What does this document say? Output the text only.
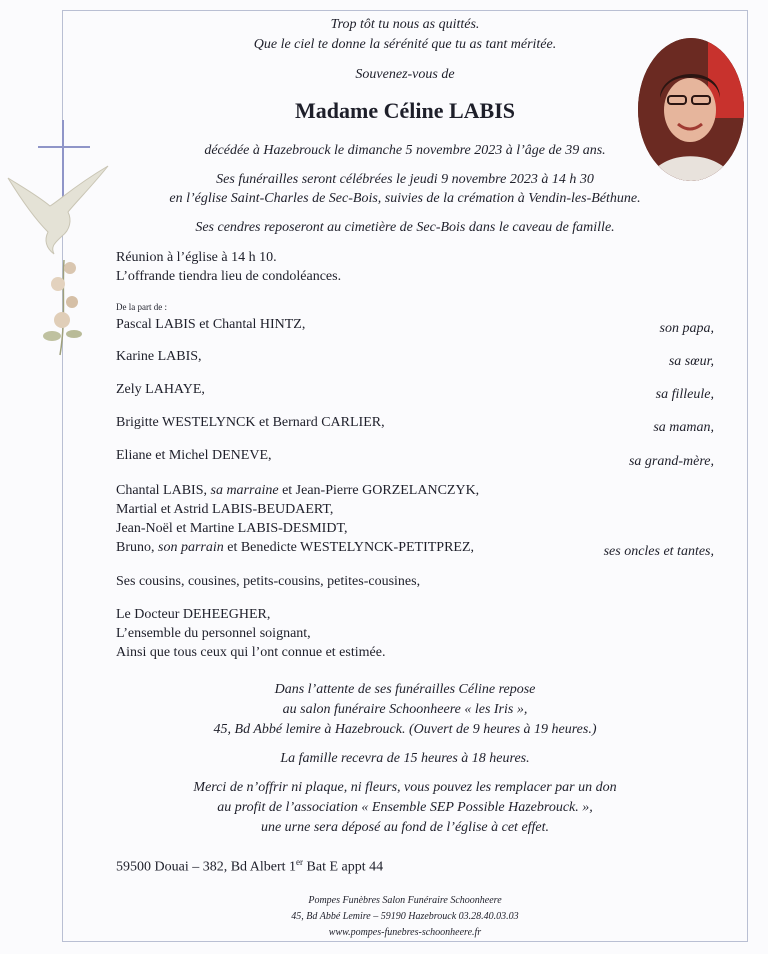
Trop tôt tu nous as quittés.
Que le ciel te donne la sérénité que tu as tant méritée.
Souvenez-vous de
Madame Céline LABIS
décédée à Hazebrouck le dimanche 5 novembre 2023 à l’âge de 39 ans.
Ses funérailles seront célébrées le jeudi 9 novembre 2023 à 14 h 30
en l’église Saint-Charles de Sec-Bois, suivies de la crémation à Vendin-les-Béthune.
Ses cendres reposeront au cimetière de Sec-Bois dans le caveau de famille.
Réunion à l’église à 14 h 10.
L’offrande tiendra lieu de condoléances.
De la part de :
Pascal LABIS et Chantal HINTZ,	son papa,
Karine LABIS,	sa sœur,
Zely LAHAYE,	sa filleule,
Brigitte WESTELYNCK et Bernard CARLIER,	sa maman,
Eliane et Michel DENEVE,	sa grand-mère,
Chantal LABIS, sa marraine et Jean-Pierre GORZELANCZYK,
Martial et Astrid LABIS-BEUDAERT,
Jean-Noël et Martine LABIS-DESMIDT,
Bruno, son parrain et Benedicte WESTELYNCK-PETITPREZ,	ses oncles et tantes,
Ses cousins, cousines, petits-cousins, petites-cousines,
Le Docteur DEHEEGHER,
L’ensemble du personnel soignant,
Ainsi que tous ceux qui l’ont connue et estimée.
Dans l’attente de ses funérailles Céline repose
au salon funéraire Schoonheere « les Iris »,
45, Bd Abbé lemire à Hazebrouck. (Ouvert de 9 heures à 19 heures.)
La famille recevra de 15 heures à 18 heures.
Merci de n’offrir ni plaque, ni fleurs, vous pouvez les remplacer par un don
au profit de l’association « Ensemble SEP Possible Hazebrouck. »,
une urne sera déposé au fond de l’église à cet effet.
59500 Douai – 382, Bd Albert 1er Bat E appt 44
Pompes Funèbres Salon Funéraire Schoonheere
45, Bd Abbé Lemire – 59190 Hazebrouck 03.28.40.03.03
www.pompes-funebres-schoonheere.fr
